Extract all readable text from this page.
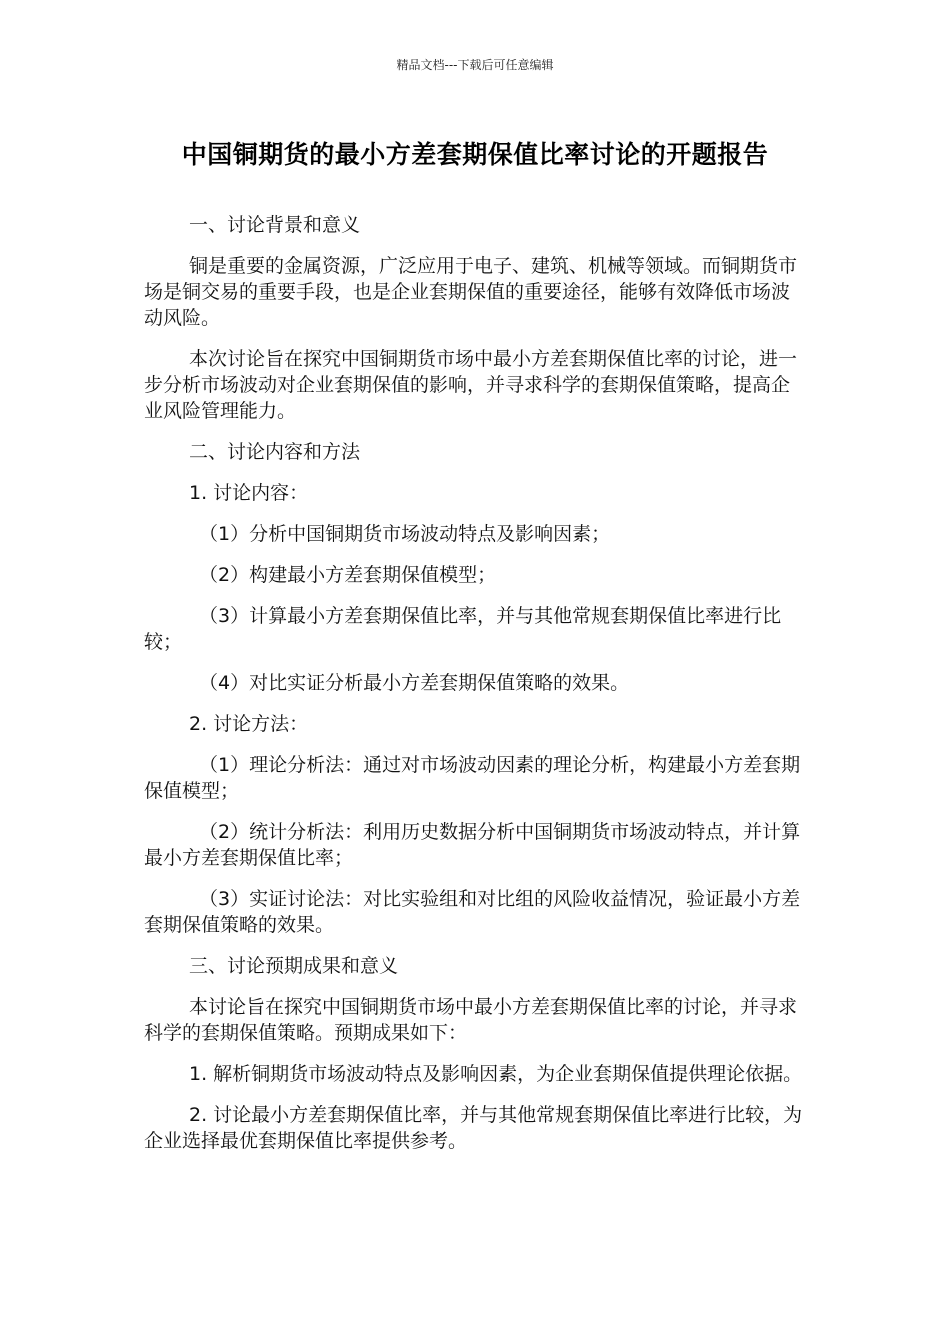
精品文档---下载后可任意编辑
中国铜期货的最小方差套期保值比率讨论的开题报告

一、讨论背景和意义

铜是重要的金属资源，广泛应用于电子、建筑、机械等领域。而铜期货市场是铜交易的重要手段，也是企业套期保值的重要途径，能够有效降低市场波动风险。

本次讨论旨在探究中国铜期货市场中最小方差套期保值比率的讨论，进一步分析市场波动对企业套期保值的影响，并寻求科学的套期保值策略，提高企业风险管理能力。

二、讨论内容和方法

1. 讨论内容：

（1）分析中国铜期货市场波动特点及影响因素；

（2）构建最小方差套期保值模型；

（3）计算最小方差套期保值比率，并与其他常规套期保值比率进行比较；

（4）对比实证分析最小方差套期保值策略的效果。

2. 讨论方法：

（1）理论分析法：通过对市场波动因素的理论分析，构建最小方差套期保值模型；

（2）统计分析法：利用历史数据分析中国铜期货市场波动特点，并计算最小方差套期保值比率；

（3）实证讨论法：对比实验组和对比组的风险收益情况，验证最小方差套期保值策略的效果。

三、讨论预期成果和意义

本讨论旨在探究中国铜期货市场中最小方差套期保值比率的讨论，并寻求科学的套期保值策略。预期成果如下：

1. 解析铜期货市场波动特点及影响因素，为企业套期保值提供理论依据。

2. 讨论最小方差套期保值比率，并与其他常规套期保值比率进行比较，为企业选择最优套期保值比率提供参考。
